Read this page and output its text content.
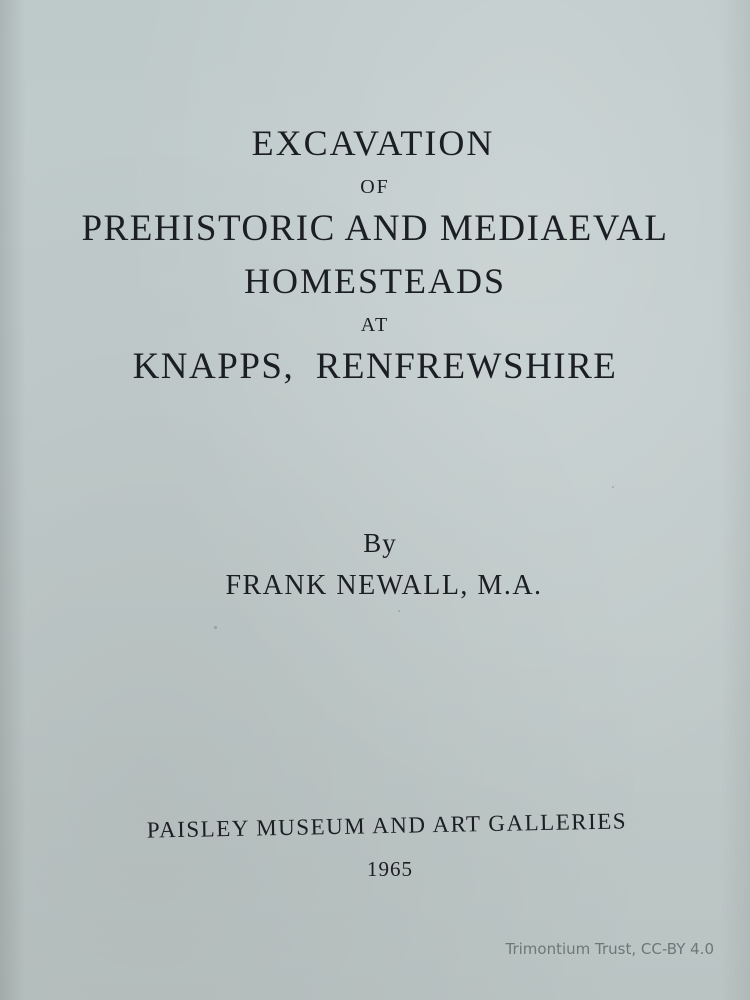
EXCAVATION
OF
PREHISTORIC AND MEDIAEVAL
HOMESTEADS
AT
KNAPPS,  RENFREWSHIRE
By
FRANK NEWALL, M.A.
PAISLEY MUSEUM AND ART GALLERIES
1965
Trimontium Trust, CC-BY 4.0
